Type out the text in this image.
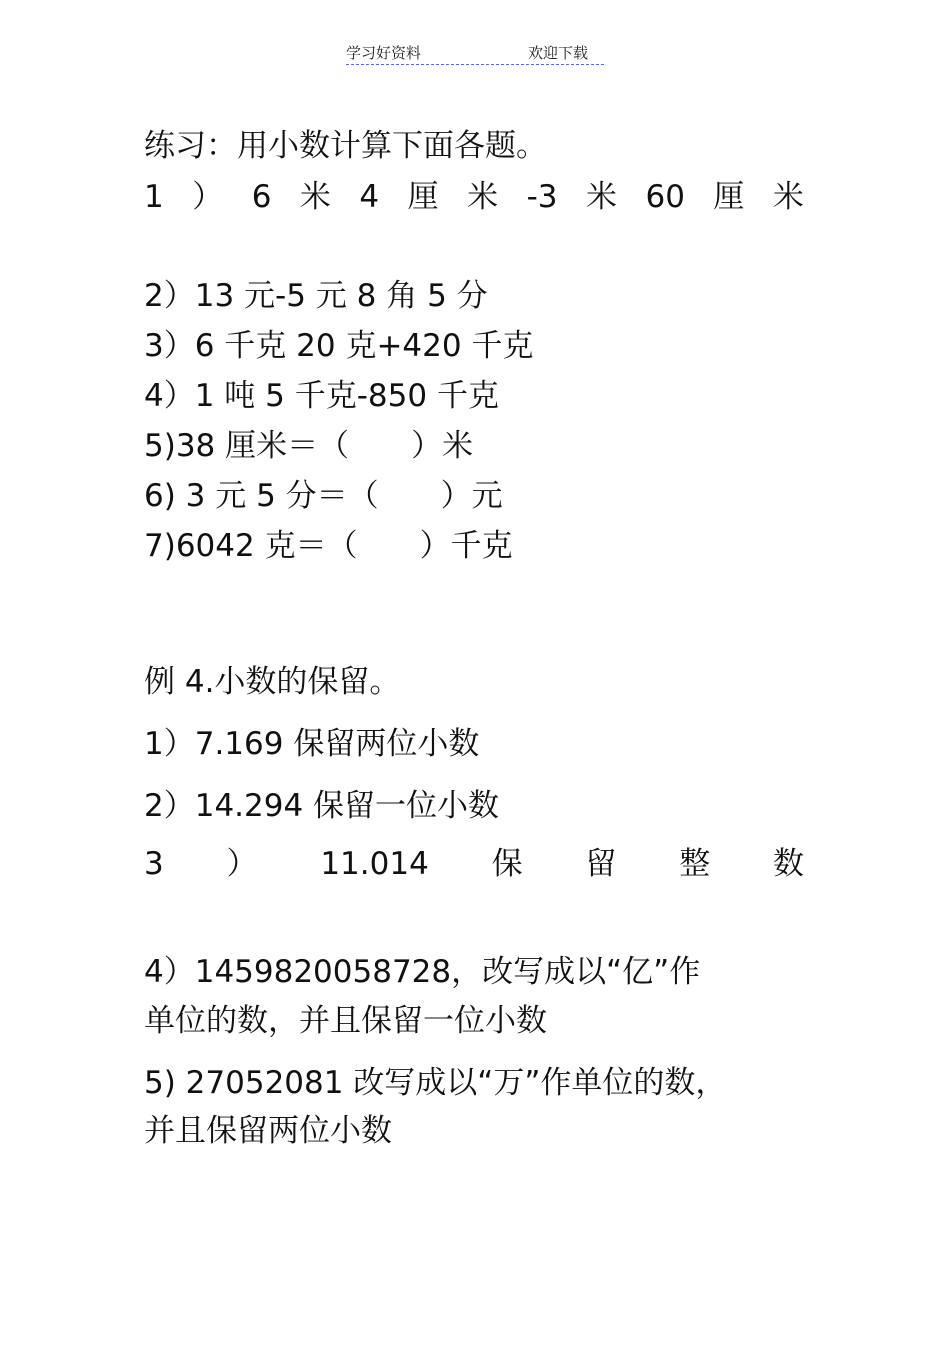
学习好资料	欢迎下载
练习：用小数计算下面各题。
1 ） 6 米 4 厘 米 -3 米 60 厘 米
2）13 元-5 元 8 角 5 分
3）6 千克 20 克+420 千克
4）1 吨 5 千克-850 千克
5)38 厘米＝（　　）米
6) 3 元 5 分＝（　　）元
7)6042 克＝（　　）千克
例 4.小数的保留。
1）7.169 保留两位小数
2）14.294 保留一位小数
3 ） 11.014 保 留 整 数
4）1459820058728，改写成以“亿”作
单位的数，并且保留一位小数
5) 27052081 改写成以“万”作单位的数，
并且保留两位小数
